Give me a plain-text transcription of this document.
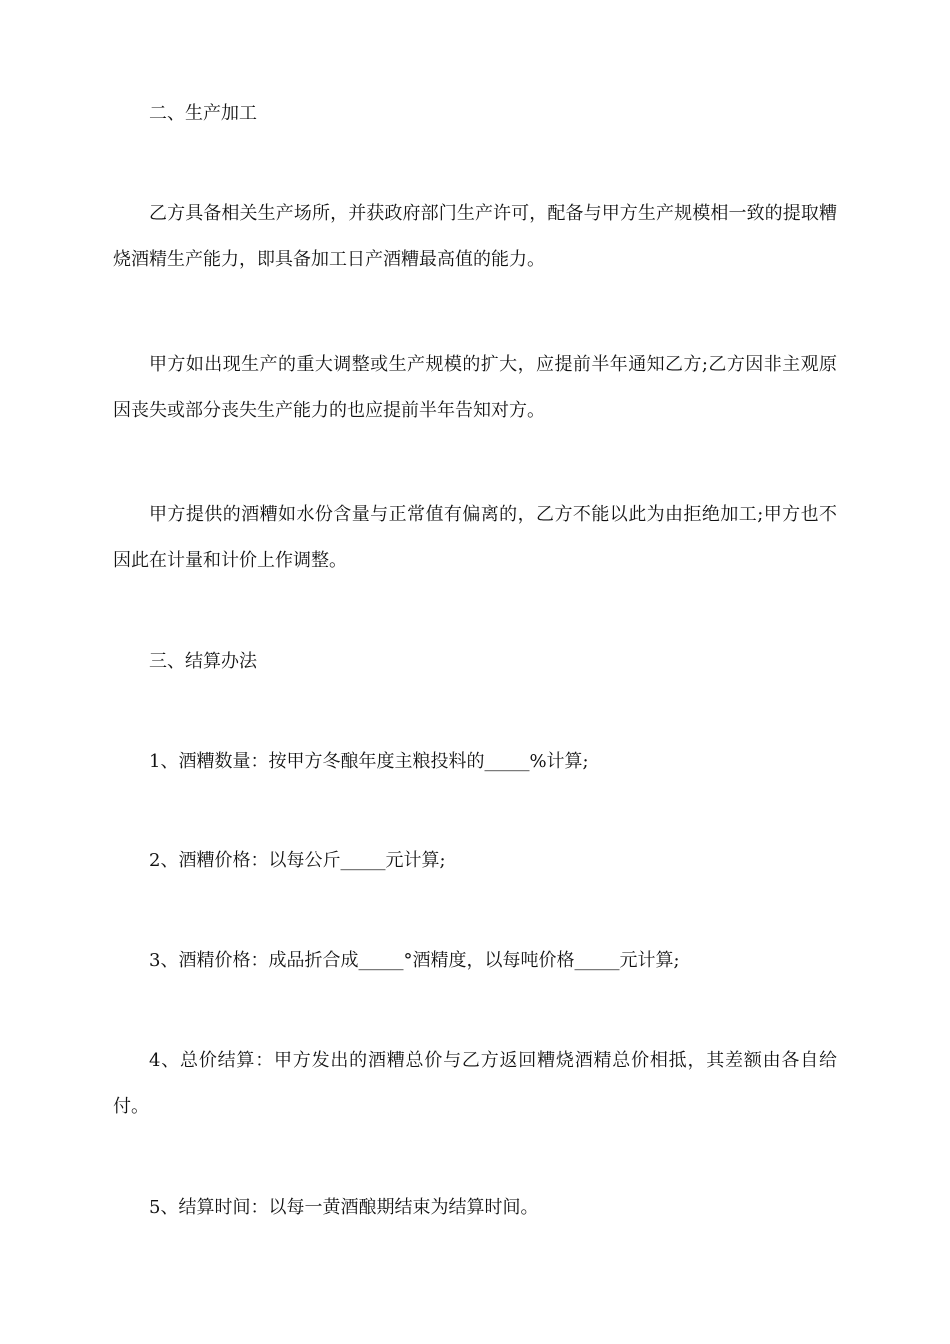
二、生产加工

乙方具备相关生产场所，并获政府部门生产许可，配备与甲方生产规模相一致的提取糟烧酒精生产能力，即具备加工日产酒糟最高值的能力。

甲方如出现生产的重大调整或生产规模的扩大，应提前半年通知乙方;乙方因非主观原因丧失或部分丧失生产能力的也应提前半年告知对方。

甲方提供的酒糟如水份含量与正常值有偏离的，乙方不能以此为由拒绝加工;甲方也不因此在计量和计价上作调整。

三、结算办法

1、酒糟数量：按甲方冬酿年度主粮投料的_____%计算;

2、酒糟价格：以每公斤_____元计算;

3、酒精价格：成品折合成_____°酒精度，以每吨价格_____元计算;

4、总价结算：甲方发出的酒糟总价与乙方返回糟烧酒精总价相抵，其差额由各自给付。

5、结算时间：以每一黄酒酿期结束为结算时间。
